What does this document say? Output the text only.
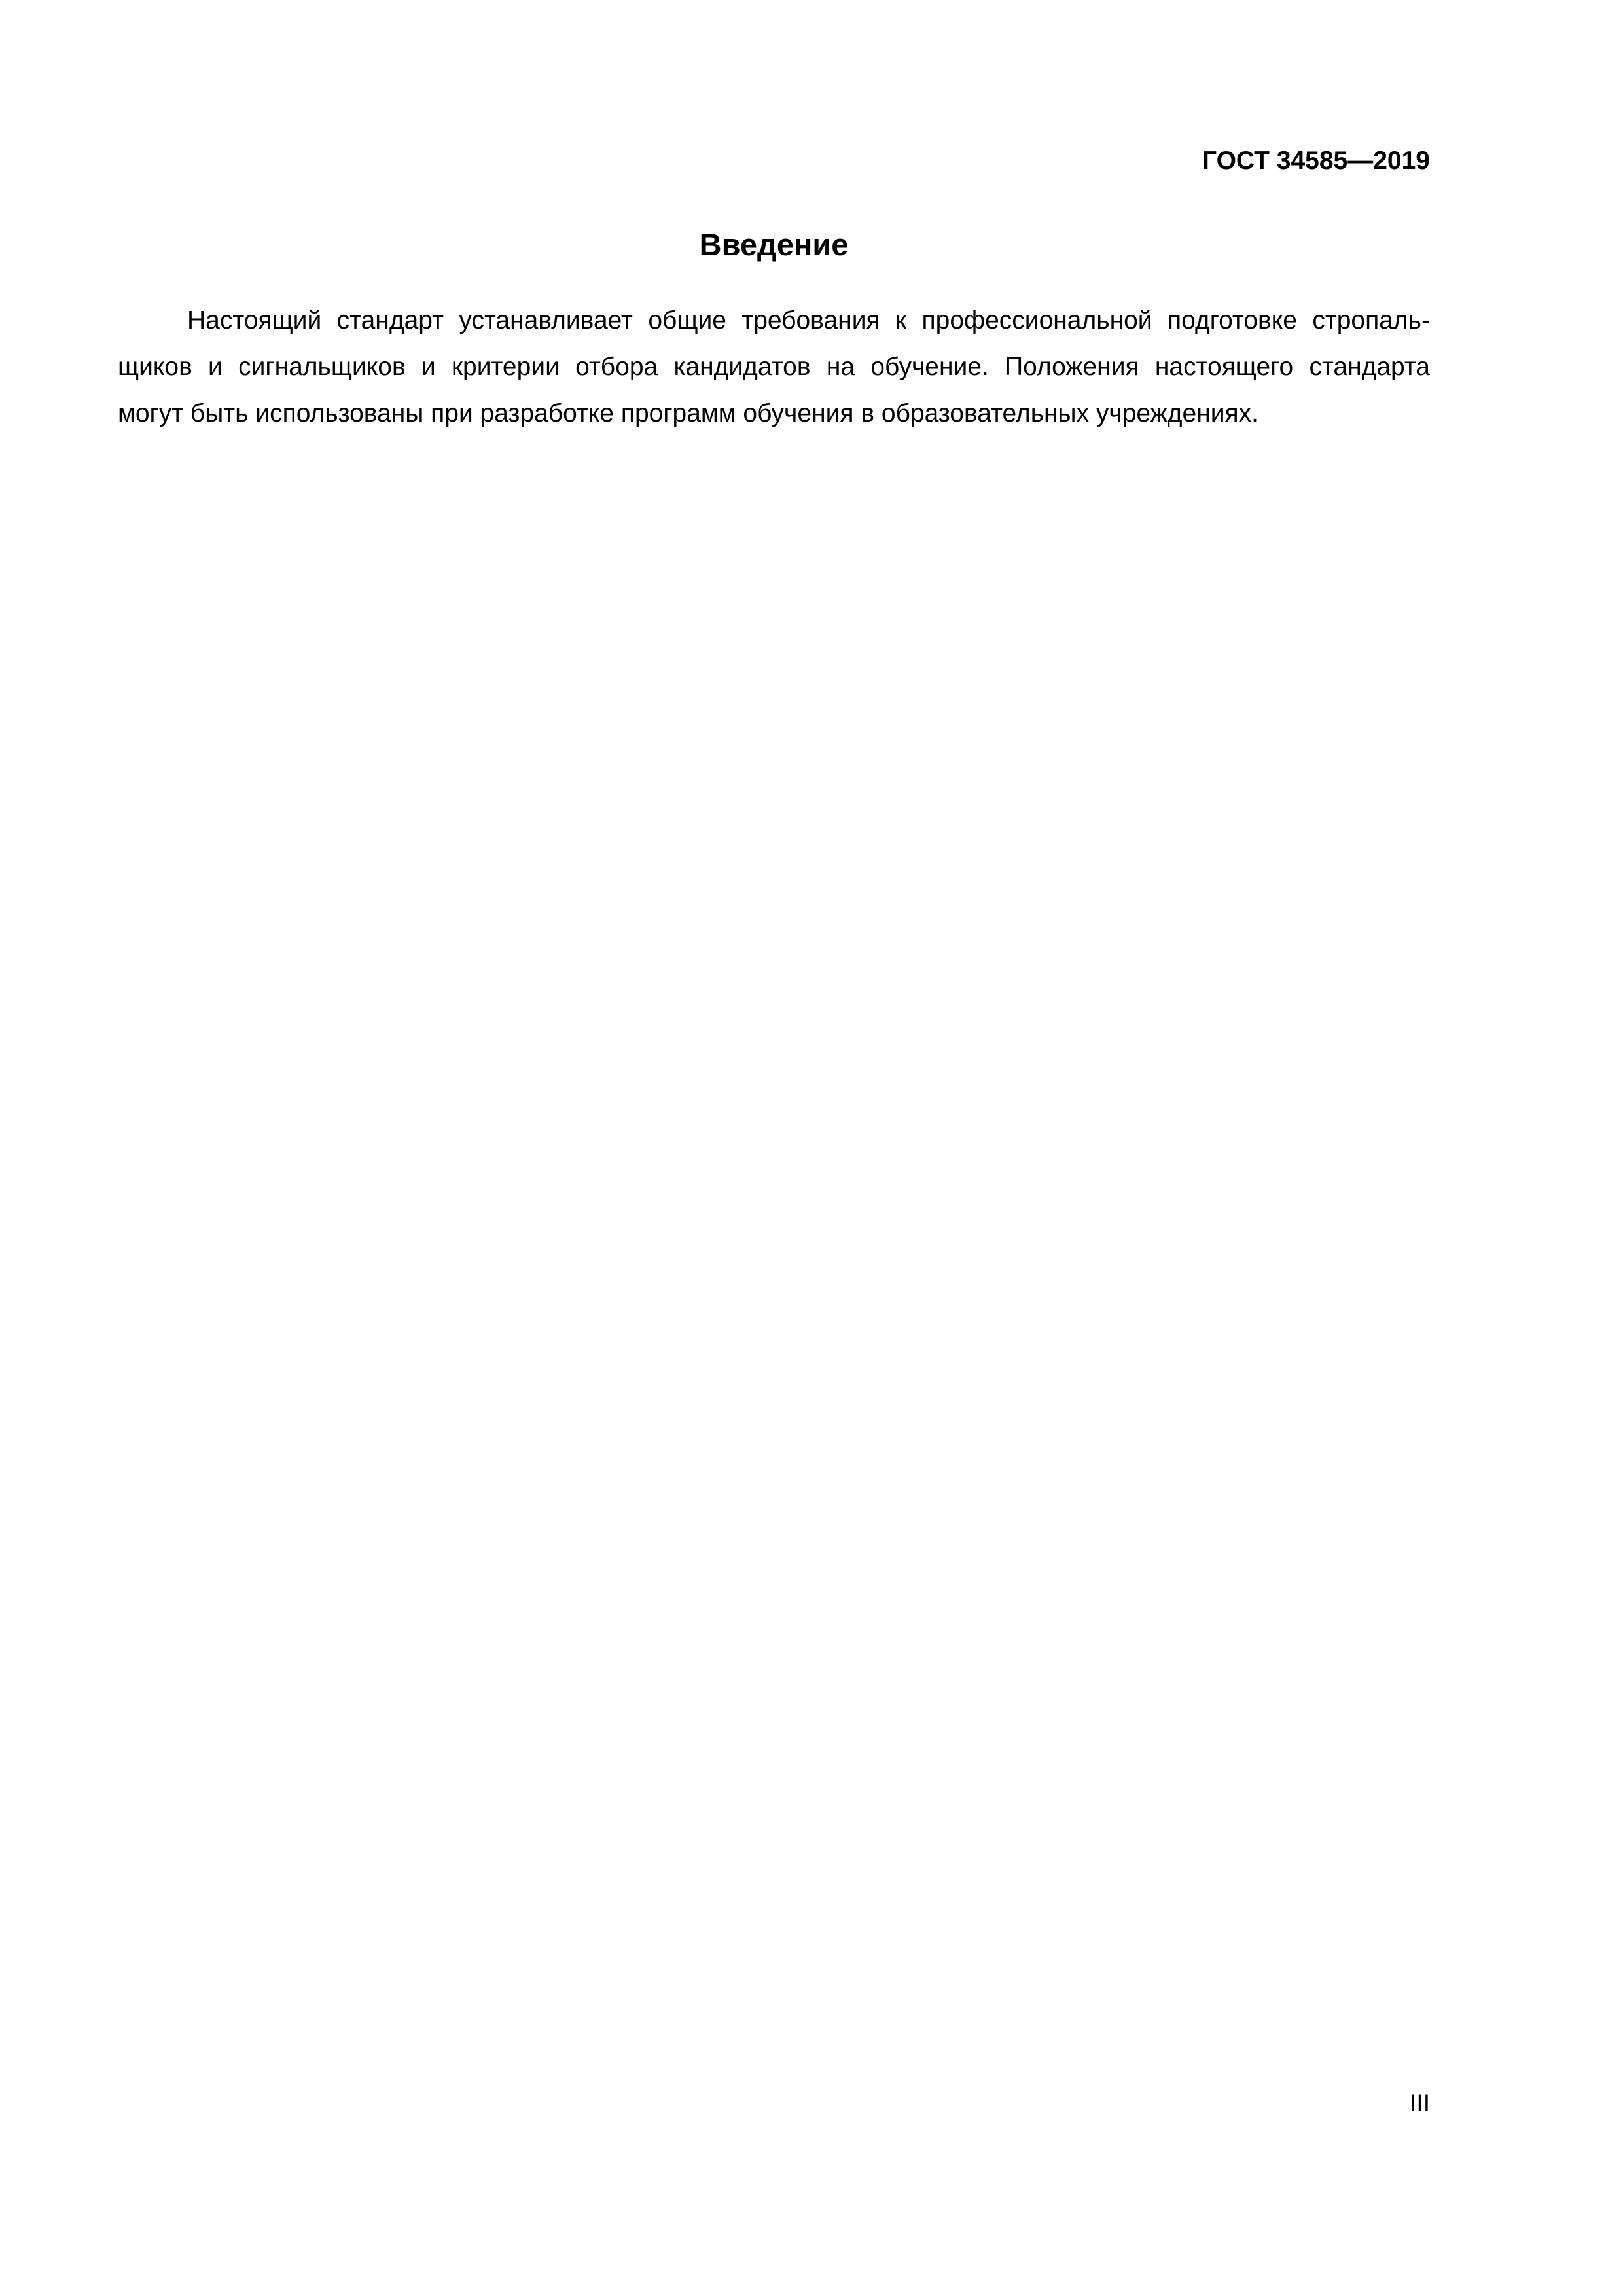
ГОСТ 34585—2019
Введение
Настоящий стандарт устанавливает общие требования к профессиональной подготовке стропаль-
щиков и сигнальщиков и критерии отбора кандидатов на обучение. Положения настоящего стандарта
могут быть использованы при разработке программ обучения в образовательных учреждениях.
III
